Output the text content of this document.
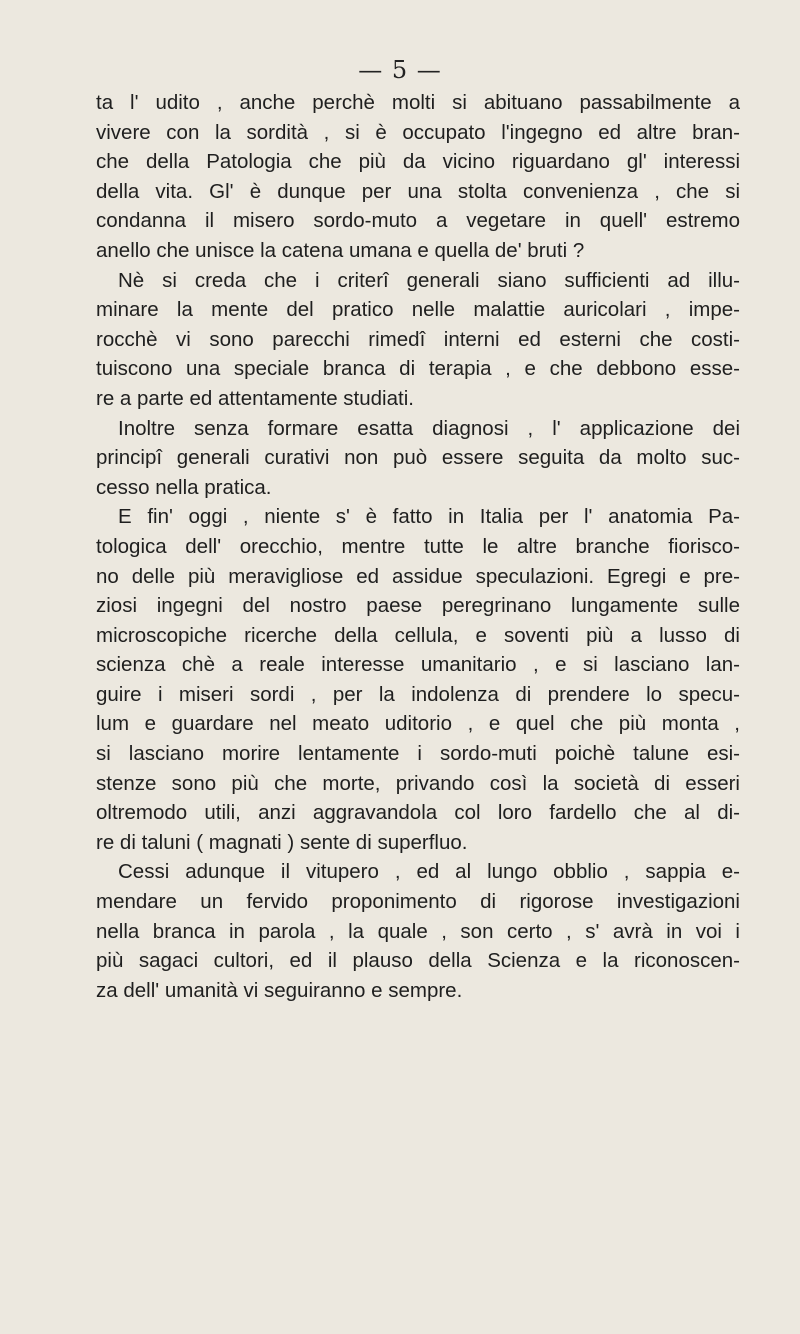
— 5 —
ta l' udito , anche perchè molti si abituano passabilmente a
vivere con la sordità , si è occupato l'ingegno ed altre bran-
che della Patologia che più da vicino riguardano gl' interessi
della vita. Gl' è dunque per una stolta convenienza , che si
condanna il misero sordo-muto a vegetare in quell' estremo
anello che unisce la catena umana e quella de' bruti ?
Nè si creda che i criterî generali siano sufficienti ad illu-
minare la mente del pratico nelle malattie auricolari , impe-
rocchè vi sono parecchi rimedî interni ed esterni che costi-
tuiscono una speciale branca di terapia , e che debbono esse-
re a parte ed attentamente studiati.
Inoltre senza formare esatta diagnosi , l' applicazione dei
principî generali curativi non può essere seguita da molto suc-
cesso nella pratica.
E fin' oggi , niente s' è fatto in Italia per l' anatomia Pa-
tologica dell' orecchio, mentre tutte le altre branche fiorisco-
no delle più meravigliose ed assidue speculazioni. Egregi e pre-
ziosi ingegni del nostro paese peregrinano lungamente sulle
microscopiche ricerche della cellula, e soventi più a lusso di
scienza chè a reale interesse umanitario , e si lasciano lan-
guire i miseri sordi , per la indolenza di prendere lo specu-
lum e guardare nel meato uditorio , e quel che più monta ,
si lasciano morire lentamente i sordo-muti poichè talune esi-
stenze sono più che morte, privando così la società di esseri
oltremodo utili, anzi aggravandola col loro fardello che al di-
re di taluni ( magnati ) sente di superfluo.
Cessi adunque il vitupero , ed al lungo obblio , sappia e-
mendare un fervido proponimento di rigorose investigazioni
nella branca in parola , la quale , son certo , s' avrà in voi i
più sagaci cultori, ed il plauso della Scienza e la riconoscen-
za dell' umanità vi seguiranno e sempre.
